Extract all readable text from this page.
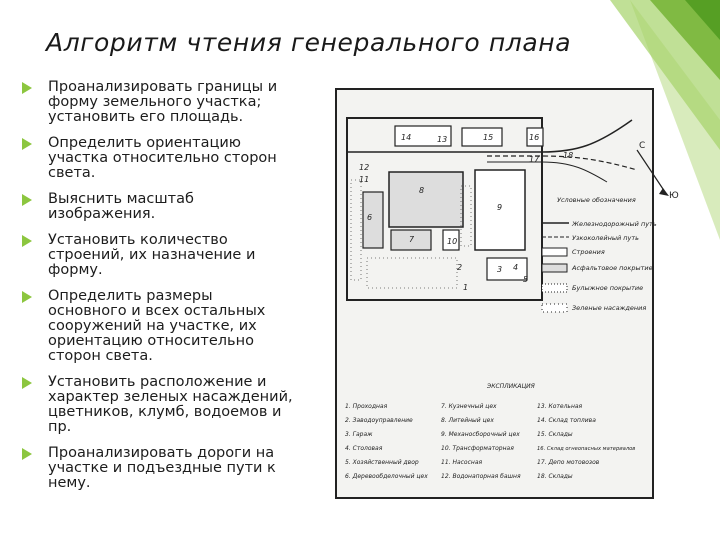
Алгоритм чтения генерального плана
Проанализировать границы и
форму земельного участка;
установить его площадь.
Определить ориентацию
участка относительно сторон
света.
Выяснить масштаб
изображения.
Установить количество
строений, их назначение и
форму.
Определить размеры
основного и всех остальных
сооружений на участке, их
ориентацию относительно
сторон света.
Установить расположение и
характер зеленых насаждений,
цветников, клумб, водоемов и
пр.
Проанализировать дороги на
участке и подъездные пути к
нему.
14	13	15	16
17	18
8
9
6
7	10
2	3 4
5
1
11
12
С
Ю
Условные обозначения
Железнодорожный путь
Узкоколейный путь
Строения
Асфальтовое покрытие
Булыжное покрытие
Зеленые насаждения
ЭКСПЛИКАЦИЯ
1. Проходная
2. Заводоуправление
3. Гараж
4. Столовая
5. Хозяйственный двор
6. Деревообделочный цех
7. Кузнечный цех
8. Литейный цех
9. Механосборочный цех
10. Трансформаторная
11. Насосная
12. Водонапорная башня
13. Котельная
14. Склад топлива
15. Склады
16. Склад огнеопасных материалов
17. Депо мотовозов
18. Склады
